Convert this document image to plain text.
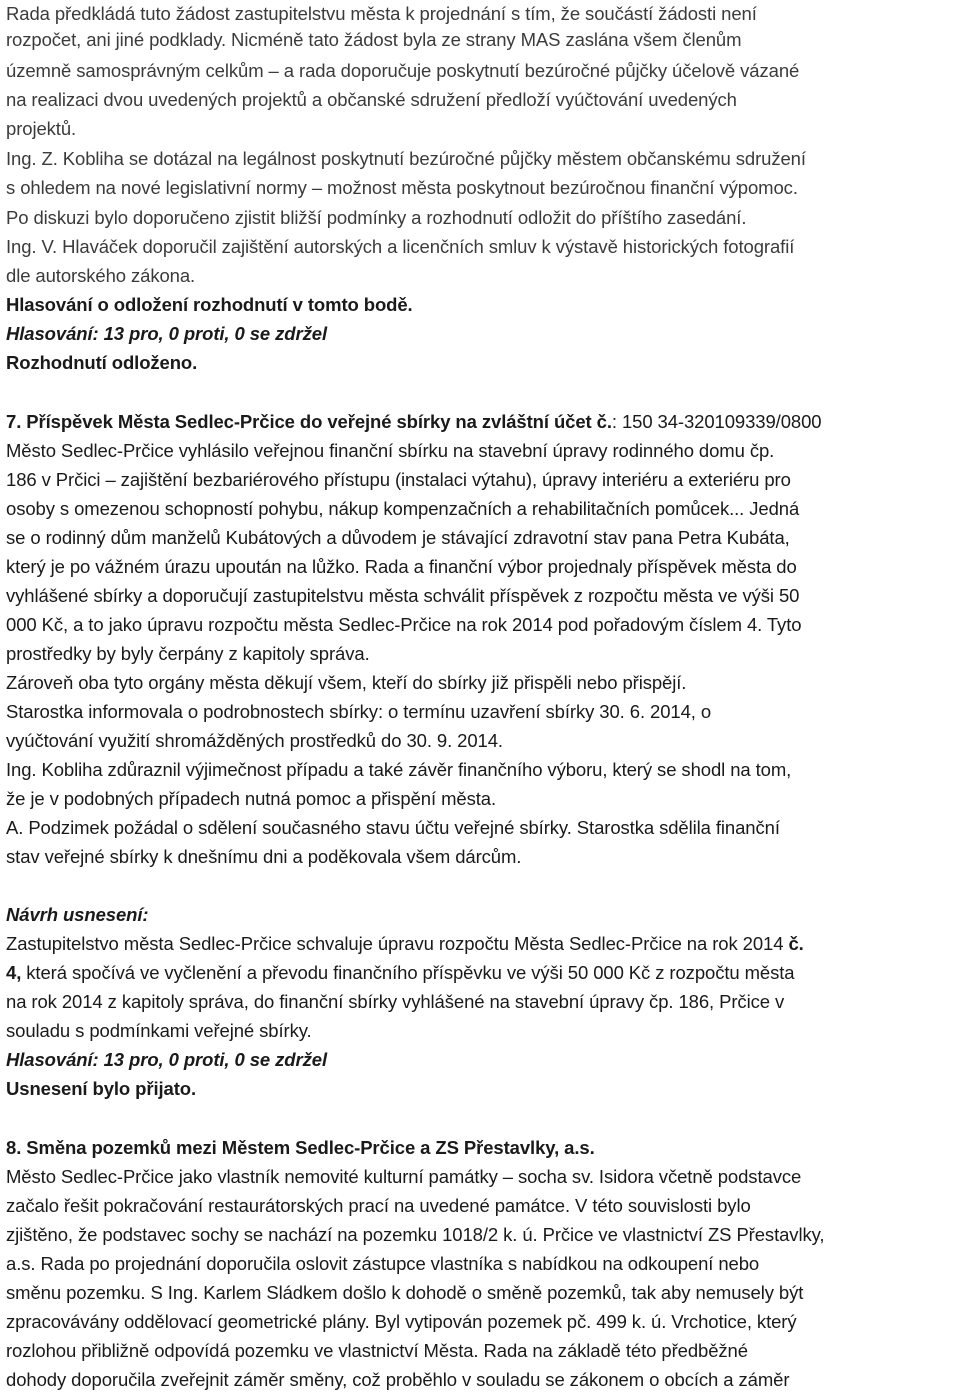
Rada předkládá tuto žádost zastupitelstvu města k projednání s tím, že součástí žádosti není
rozpočet, ani jiné podklady. Nicméně tato žádost byla ze strany MAS zaslána všem členům
územně samosprávným celkům – a rada doporučuje poskytnutí bezúročné půjčky účelově vázané
na realizaci dvou uvedených projektů a občanské sdružení předloží vyúčtování uvedených
projektů.
Ing. Z. Kobliha se dotázal na legálnost poskytnutí bezúročné půjčky městem občanskému sdružení
s ohledem na nové legislativní normy – možnost města poskytnout bezúročnou finanční výpomoc.
Po diskuzi bylo doporučeno zjistit bližší podmínky a rozhodnutí odložit do příštího zasedání.
Ing. V. Hlaváček doporučil zajištění autorských a licenčních smluv k výstavě historických fotografií
dle autorského zákona.
Hlasování o odložení rozhodnutí v tomto bodě.
Hlasování: 13 pro, 0 proti, 0 se zdržel
Rozhodnutí odloženo.
7. Příspěvek Města Sedlec-Prčice do veřejné sbírky na zvláštní účet č.: 150 34-320109339/0800
Město Sedlec-Prčice vyhlásilo veřejnou finanční sbírku na stavební úpravy rodinného domu čp.
186 v Prčici – zajištění bezbariérového přístupu (instalaci výtahu), úpravy interiéru a exteriéru pro
osoby s omezenou schopností pohybu, nákup kompenzačních a rehabilitačních pomůcek... Jedná
se o rodinný dům manželů Kubátových a důvodem je stávající zdravotní stav pana Petra Kubáta,
který je po vážném úrazu upoután na lůžko. Rada a finanční výbor projednaly příspěvek města do
vyhlášené sbírky a doporučují zastupitelstvu města schválit příspěvek z rozpočtu města ve výši 50
000 Kč, a to jako úpravu rozpočtu města Sedlec-Prčice na rok 2014 pod pořadovým číslem 4. Tyto
prostředky by byly čerpány z kapitoly správa.
Zároveň oba tyto orgány města děkují všem, kteří do sbírky již přispěli nebo přispějí.
Starostka informovala o podrobnostech sbírky: o termínu uzavření sbírky 30. 6. 2014, o
vyúčtování využití shromážděných prostředků do 30. 9. 2014.
Ing. Kobliha zdůraznil výjimečnost případu a také závěr finančního výboru, který se shodl na tom,
že je v podobných případech nutná pomoc a přispění města.
A. Podzimek požádal o sdělení současného stavu účtu veřejné sbírky. Starostka sdělila finanční
stav veřejné sbírky k dnešnímu dni a poděkovala všem dárcům.
Návrh usnesení:
Zastupitelstvo města Sedlec-Prčice schvaluje úpravu rozpočtu Města Sedlec-Prčice na rok 2014 č.
4, která spočívá ve vyčlenění a převodu finančního příspěvku ve výši 50 000 Kč z rozpočtu města
na rok 2014 z kapitoly správa, do finanční sbírky vyhlášené na stavební úpravy čp. 186, Prčice v
souladu s podmínkami veřejné sbírky.
Hlasování: 13 pro, 0 proti, 0 se zdržel
Usnesení bylo přijato.
8. Směna pozemků mezi Městem Sedlec-Prčice a ZS Přestavlky, a.s.
Město Sedlec-Prčice jako vlastník nemovité kulturní památky – socha sv. Isidora včetně podstavce
začalo řešit pokračování restaurátorských prací na uvedené památce. V této souvislosti bylo
zjištěno, že podstavec sochy se nachází na pozemku 1018/2 k. ú. Prčice ve vlastnictví ZS Přestavlky,
a.s. Rada po projednání doporučila oslovit zástupce vlastníka s nabídkou na odkoupení nebo
směnu pozemku. S Ing. Karlem Sládkem došlo k dohodě o směně pozemků, tak aby nemusely být
zpracovávány oddělovací geometrické plány. Byl vytipován pozemek pč. 499 k. ú. Vrchotice, který
rozlohou přibližně odpovídá pozemku ve vlastnictví Města. Rada na základě této předběžné
dohody doporučila zveřejnit záměr směny, což proběhlo v souladu se zákonem o obcích a záměr
